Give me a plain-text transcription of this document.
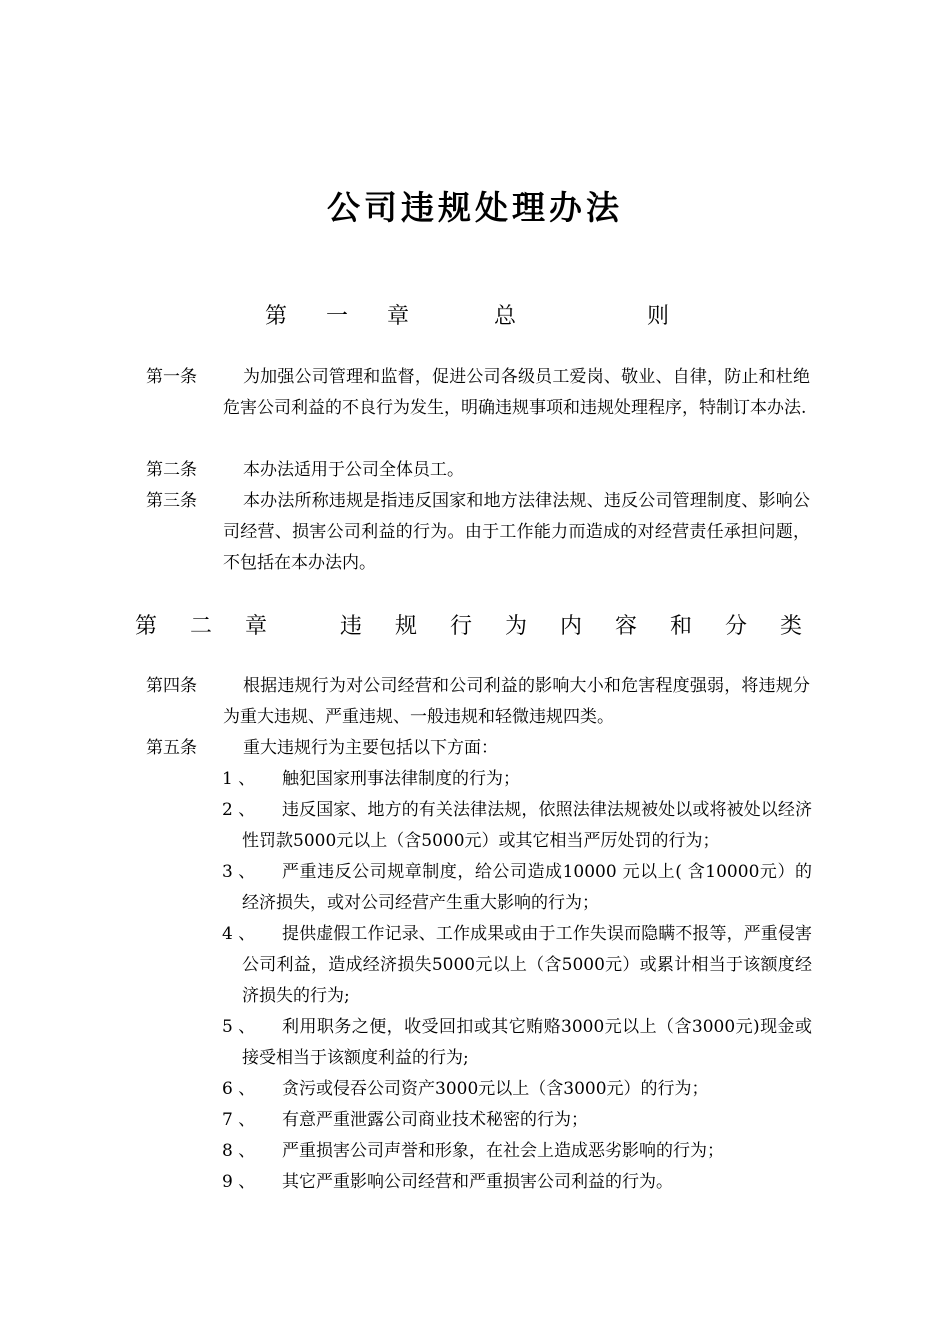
公司违规处理办法
第 一 章   总     则
第一条	为加强公司管理和监督，促进公司各级员工爱岗、敬业、自律，防止和杜绝危害公司利益的不良行为发生，明确违规事项和违规处理程序，特制订本办法.
第二条	本办法适用于公司全体员工。
第三条	本办法所称违规是指违反国家和地方法律法规、违反公司管理制度、影响公司经营、损害公司利益的行为。由于工作能力而造成的对经营责任承担问题，不包括在本办法内。
第 二 章   违 规 行 为 内 容 和 分 类
第四条	根据违规行为对公司经营和公司利益的影响大小和危害程度强弱，将违规分为重大违规、严重违规、一般违规和轻微违规四类。
第五条	重大违规行为主要包括以下方面：
1 、	触犯国家刑事法律制度的行为；
2 、	违反国家、地方的有关法律法规，依照法律法规被处以或将被处以经济性罚款5000元以上（含5000元）或其它相当严厉处罚的行为；
3 、	严重违反公司规章制度，给公司造成10000 元以上( 含10000元）的经济损失，或对公司经营产生重大影响的行为；
4 、	提供虚假工作记录、工作成果或由于工作失误而隐瞒不报等，严重侵害公司利益，造成经济损失5000元以上（含5000元）或累计相当于该额度经济损失的行为;
5 、	利用职务之便，收受回扣或其它贿赂3000元以上（含3000元)现金或接受相当于该额度利益的行为;
6 、	贪污或侵吞公司资产3000元以上（含3000元）的行为；
7 、	有意严重泄露公司商业技术秘密的行为；
8 、	严重损害公司声誉和形象，在社会上造成恶劣影响的行为；
9 、	其它严重影响公司经营和严重损害公司利益的行为。
